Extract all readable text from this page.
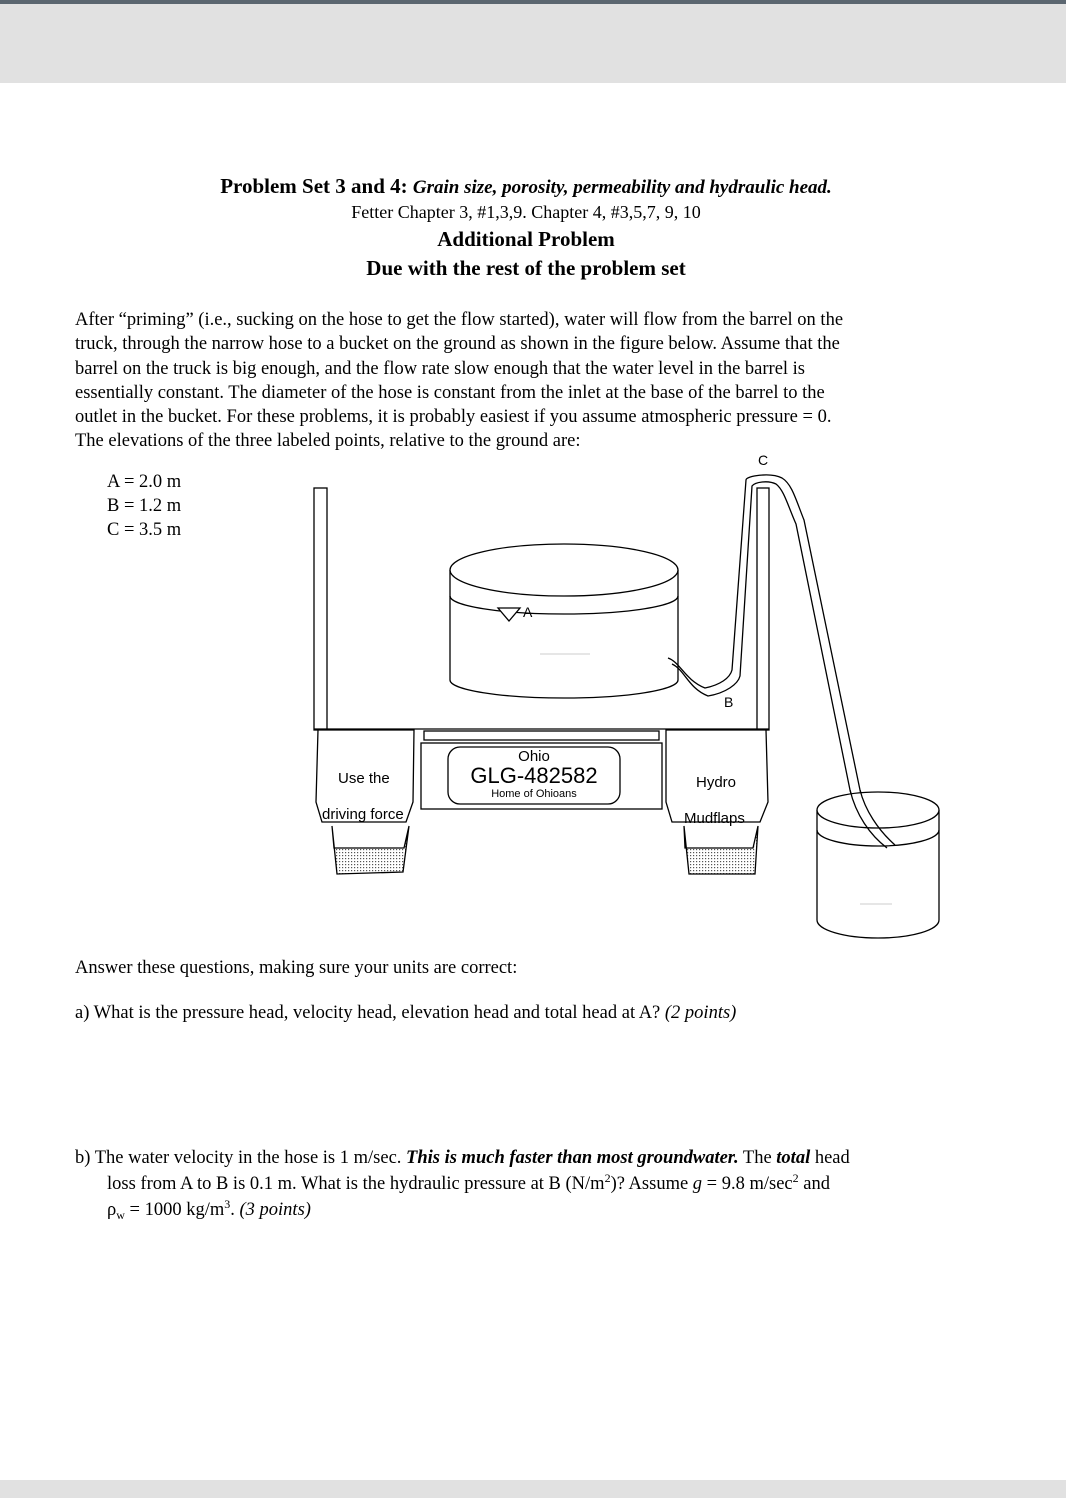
Problem Set 3 and 4: Grain size, porosity, permeability and hydraulic head.
Fetter Chapter 3, #1,3,9. Chapter 4, #3,5,7, 9, 10
Additional Problem
Due with the rest of the problem set
After “priming” (i.e., sucking on the hose to get the flow started), water will flow from the barrel on the
truck, through the narrow hose to a bucket on the ground as shown in the figure below. Assume that the
barrel on the truck is big enough, and the flow rate slow enough that the water level in the barrel is
essentially constant. The diameter of the hose is constant from the inlet at the base of the barrel to the
outlet in the bucket. For these problems, it is probably easiest if you assume atmospheric pressure = 0.
The elevations of the three labeled points, relative to the ground are:
A = 2.0 m
B = 1.2 m
C = 3.5 m
A
B
C
Use the
driving force
Hydro
Mudflaps
Ohio
GLG-482582
Home of Ohioans
Answer these questions, making sure your units are correct:
a) What is the pressure head, velocity head, elevation head and total head at A? (2 points)
b) The water velocity in the hose is 1 m/sec. This is much faster than most groundwater. The total head
loss from A to B is 0.1 m. What is the hydraulic pressure at B $(N/m^2)$? Assume g = 9.8 $m/\sec^2$ and
$\rho_w = 1000$ $kg/m^3$. (3 points)
